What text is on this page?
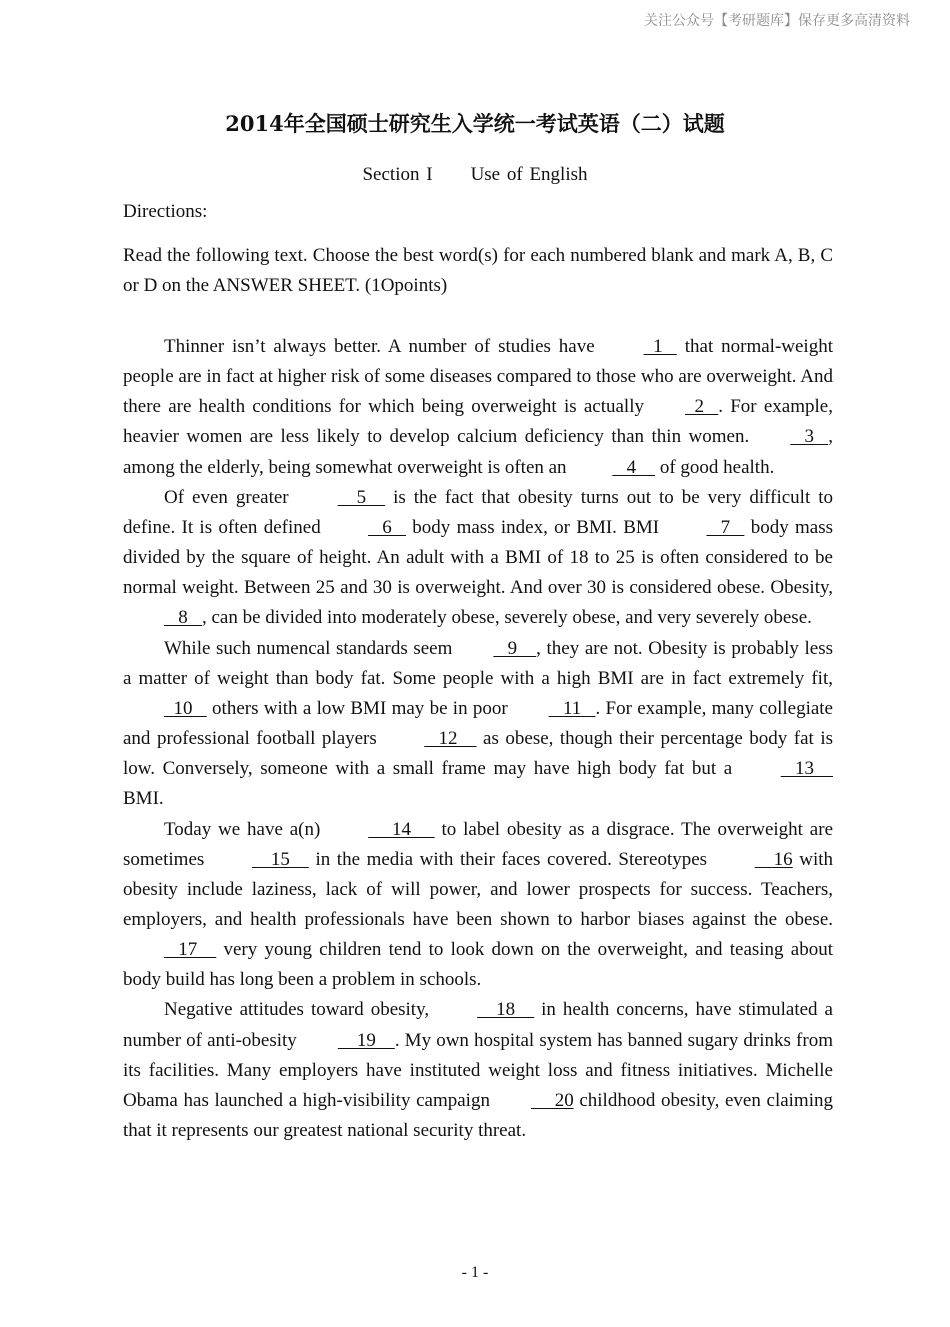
关注公众号【考研题库】保存更多高清资料
2014年全国硕士研究生入学统一考试英语（二）试题
Section I Use of English
Directions:
Read the following text. Choose the best word(s) for each numbered blank and mark A, B, C or D on the ANSWER SHEET. (1Opoints)

Thinner isn’t always better. A number of studies have   1    that normal-weight people are in fact at higher risk of some diseases compared to those who are overweight. And there are health conditions for which being overweight is actually  2   . For example, heavier women are less likely to develop calcium deficiency than thin women.   3   , among the elderly, being somewhat overweight is often an    4     of good health.

Of even greater     5     is the fact that obesity turns out to be very difficult to define. It is often defined    6    body mass index, or BMI. BMI    7    body mass divided by the square of height. An adult with a BMI of 18 to 25 is often considered to be normal weight. Between 25 and 30 is overweight. And over 30 is considered obese. Obesity,    8   , can be divided into moderately obese, severely obese, and very severely obese.

While such numencal standards seem   9    , they are not. Obesity is probably less a matter of weight than body fat. Some people with a high BMI are in fact extremely fit,   10    others with a low BMI may be in poor   11   . For example, many collegiate and professional football players    12     as obese, though their percentage body fat is low. Conversely, someone with a small frame may have high body fat but a    13     BMI.

Today we have a(n)      14      to label obesity as a disgrace. The overweight are sometimes     15     in the media with their faces covered. Stereotypes     16 with obesity include laziness, lack of will power, and lower prospects for success. Teachers, employers, and health professionals have been shown to harbor biases against the obese.   17     very young children tend to look down on the overweight, and teasing about body build has long been a problem in schools.

Negative attitudes toward obesity,     18     in health concerns, have stimulated a number of anti-obesity    19    . My own hospital system has banned sugary drinks from its facilities. Many employers have instituted weight loss and fitness initiatives. Michelle Obama has launched a high-visibility campaign     20 childhood obesity, even claiming that it represents our greatest national security threat.

- 1 -
